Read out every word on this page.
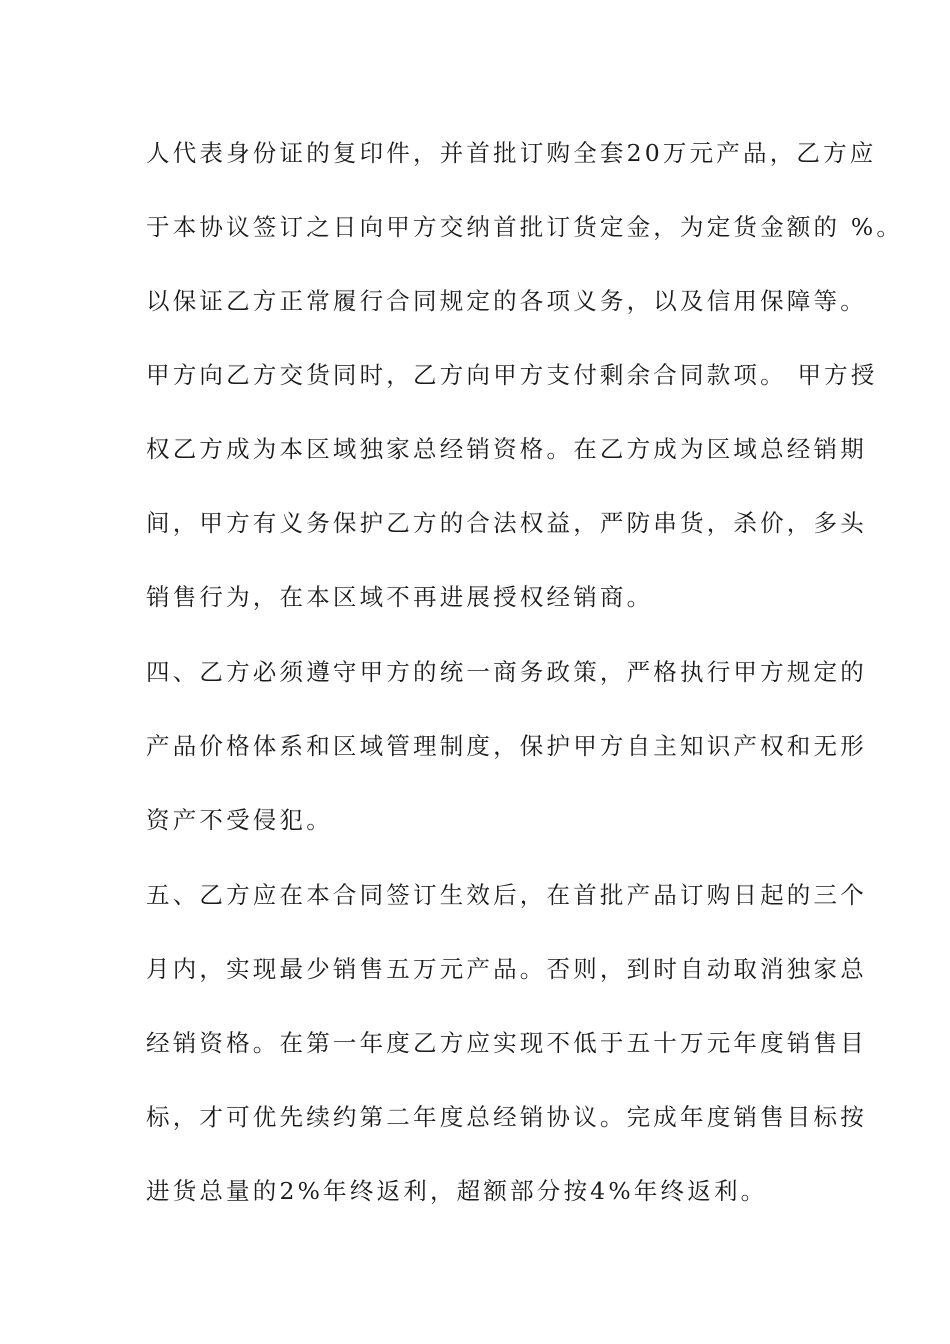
人代表身份证的复印件，并首批订购全套20万元产品，乙方应
于本协议签订之日向甲方交纳首批订货定金，为定货金额的 %。
以保证乙方正常履行合同规定的各项义务，以及信用保障等。
甲方向乙方交货同时，乙方向甲方支付剩余合同款项。 甲方授
权乙方成为本区域独家总经销资格。在乙方成为区域总经销期
间，甲方有义务保护乙方的合法权益，严防串货，杀价，多头
销售行为，在本区域不再进展授权经销商。
四、乙方必须遵守甲方的统一商务政策，严格执行甲方规定的
产品价格体系和区域管理制度，保护甲方自主知识产权和无形
资产不受侵犯。
五、乙方应在本合同签订生效后，在首批产品订购日起的三个
月内，实现最少销售五万元产品。否则，到时自动取消独家总
经销资格。在第一年度乙方应实现不低于五十万元年度销售目
标，才可优先续约第二年度总经销协议。完成年度销售目标按
进货总量的2%年终返利，超额部分按4%年终返利。
